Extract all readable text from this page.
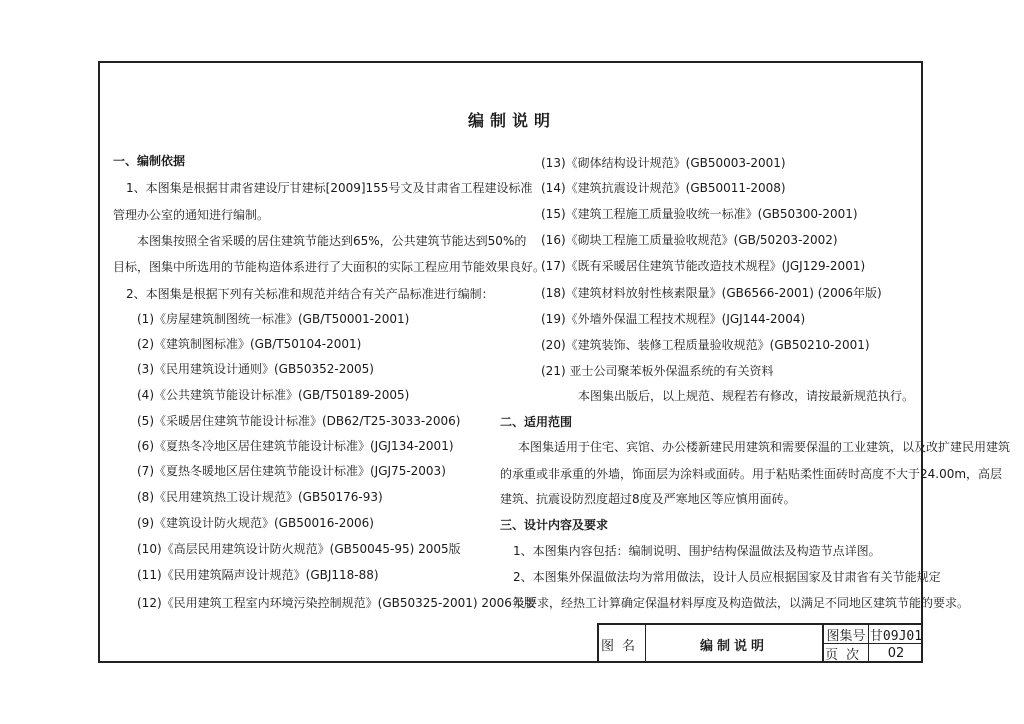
编制说明
一、编制依据
1、本图集是根据甘肃省建设厅甘建标[2009]155号文及甘肃省工程建设标准
管理办公室的通知进行编制。
本图集按照全省采暖的居住建筑节能达到65%，公共建筑节能达到50%的
目标，图集中所选用的节能构造体系进行了大面积的实际工程应用节能效果良好。
2、本图集是根据下列有关标准和规范并结合有关产品标准进行编制：
(1)《房屋建筑制图统一标准》(GB/T50001-2001)
(2)《建筑制图标准》(GB/T50104-2001)
(3)《民用建筑设计通则》(GB50352-2005)
(4)《公共建筑节能设计标准》(GB/T50189-2005)
(5)《采暖居住建筑节能设计标准》(DB62/T25-3033-2006)
(6)《夏热冬冷地区居住建筑节能设计标准》(JGJ134-2001)
(7)《夏热冬暖地区居住建筑节能设计标准》(JGJ75-2003)
(8)《民用建筑热工设计规范》(GB50176-93)
(9)《建筑设计防火规范》(GB50016-2006)
(10)《高层民用建筑设计防火规范》(GB50045-95) 2005版
(11)《民用建筑隔声设计规范》(GBJ118-88)
(12)《民用建筑工程室内环境污染控制规范》(GB50325-2001) 2006年版
(13)《砌体结构设计规范》(GB50003-2001)
(14)《建筑抗震设计规范》(GB50011-2008)
(15)《建筑工程施工质量验收统一标准》(GB50300-2001)
(16)《砌块工程施工质量验收规范》(GB/50203-2002)
(17)《既有采暖居住建筑节能改造技术规程》(JGJ129-2001)
(18)《建筑材料放射性核素限量》(GB6566-2001) (2006年版)
(19)《外墙外保温工程技术规程》(JGJ144-2004)
(20)《建筑装饰、装修工程质量验收规范》(GB50210-2001)
(21) 亚士公司聚苯板外保温系统的有关资料
本图集出版后，以上规范、规程若有修改，请按最新规范执行。
二、适用范围
本图集适用于住宅、宾馆、办公楼新建民用建筑和需要保温的工业建筑，以及改扩建民用建筑
的承重或非承重的外墙，饰面层为涂料或面砖。用于粘贴柔性面砖时高度不大于24.00m，高层
建筑、抗震设防烈度超过8度及严寒地区等应慎用面砖。
三、设计内容及要求
1、本图集内容包括：编制说明、围护结构保温做法及构造节点详图。
2、本图集外保温做法均为常用做法，设计人员应根据国家及甘肃省有关节能规定
及要求，经热工计算确定保温材料厚度及构造做法，以满足不同地区建筑节能的要求。
图名	编制说明
图集号 甘09J01
页次	02
